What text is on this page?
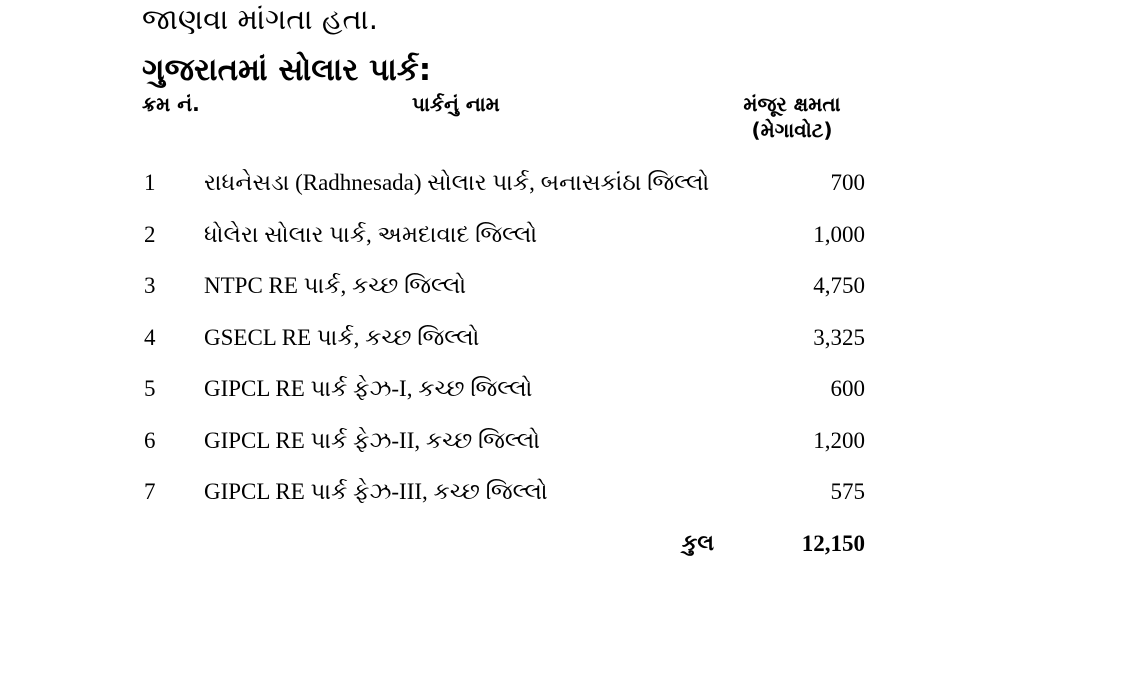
જાણવા માંગતા હતા.
ગુજરાતમાં સોલાર પાર્ક:
ક્રમ નં.	પાર્કનું નામ	મંજૂર ક્ષમતા
(મેગાવોટ)
1 રાધનેસડા (Radhnesada) સોલાર પાર્ક, બનાસકાંઠા જિલ્લો	700
2 ધોલેરા સોલાર પાર્ક, અમદાવાદ જિલ્લો	1,000
3 NTPC RE પાર્ક, કચ્છ જિલ્લો	4,750
4 GSECL RE પાર્ક, કચ્છ જિલ્લો	3,325
5 GIPCL RE પાર્ક ફેઝ-I, કચ્છ જિલ્લો	600
6 GIPCL RE પાર્ક ફેઝ-II, કચ્છ જિલ્લો	1,200
7 GIPCL RE પાર્ક ફેઝ-III, કચ્છ જિલ્લો	575
કુલ	12,150
